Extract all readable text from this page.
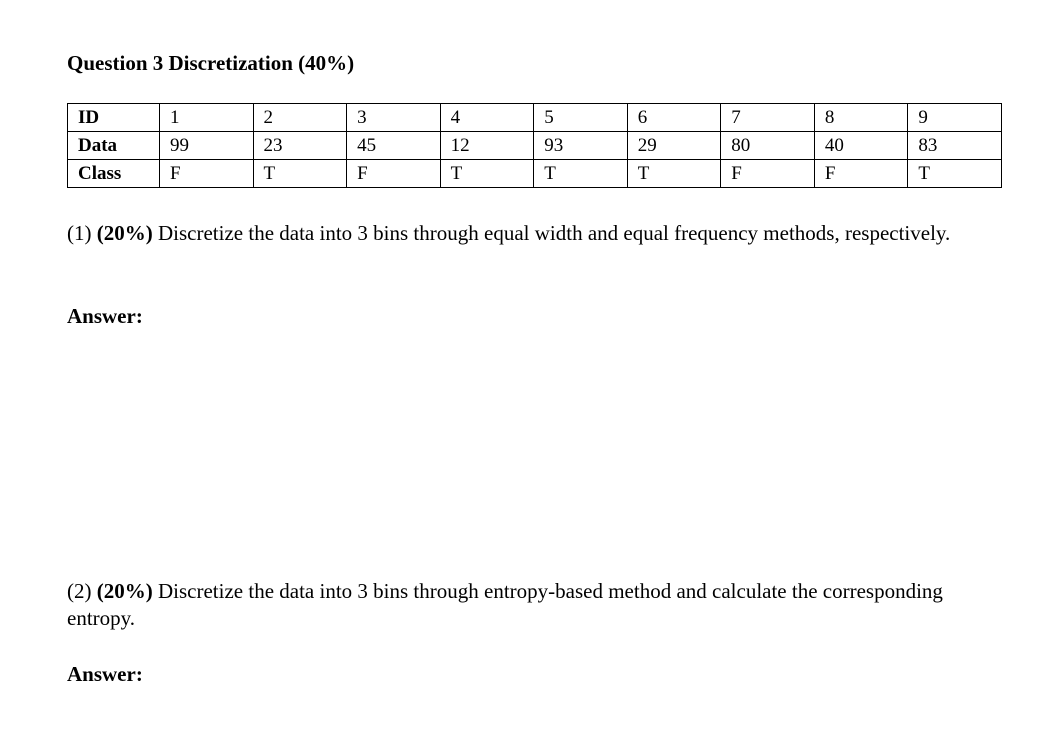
Question 3 Discretization (40%)
ID	1	2	3	4	5	6	7	8	9
Data	99	23	45	12	93	29	80	40	83
Class	F	T	F	T	T	T	F	F	T
(1) (20%) Discretize the data into 3 bins through equal width and equal frequency methods, respectively.
Answer:
(2) (20%) Discretize the data into 3 bins through entropy-based method and calculate the corresponding entropy.
Answer:
